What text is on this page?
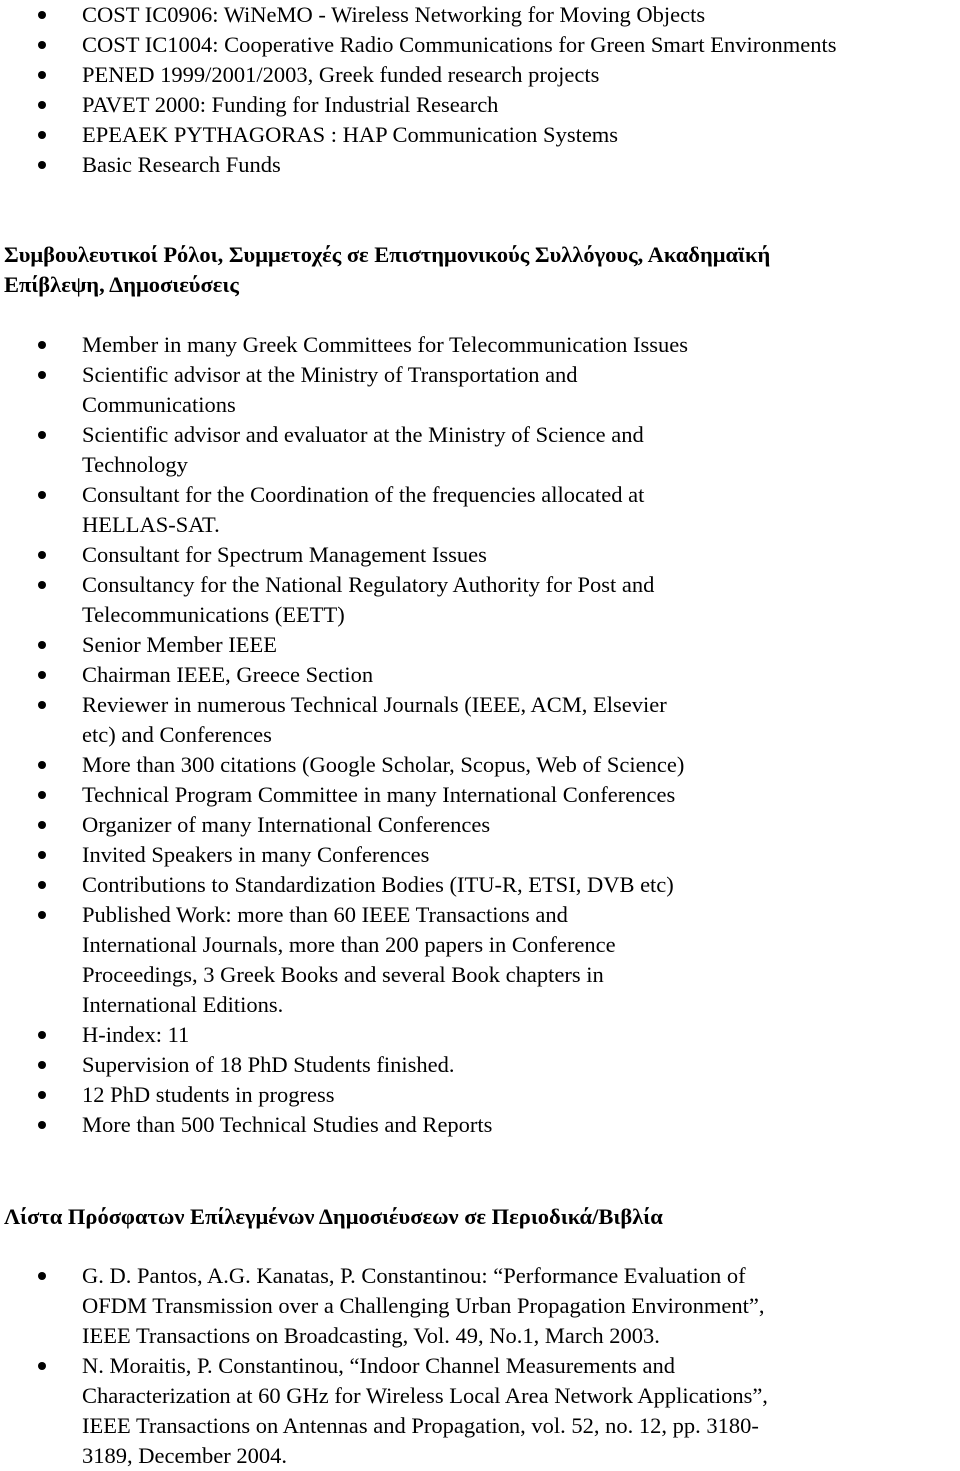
COST IC0906: WiNeMO - Wireless Networking for Moving Objects
COST IC1004: Cooperative Radio Communications for Green Smart Environments
PENED 1999/2001/2003, Greek funded research projects
PAVET 2000: Funding for Industrial Research
EPEAEK PYTHAGORAS : HAP Communication Systems
Basic Research Funds
Συμβουλευτικοί Ρόλοι, Συμμετοχές σε Επιστημονικούς Συλλόγους, Ακαδημαϊκή
Επίβλεψη, Δημοσιεύσεις
Member in many Greek Committees for Telecommunication Issues
Scientific advisor at the Ministry of Transportation and
Communications
Scientific advisor and evaluator at the Ministry of Science and
Technology
Consultant for the Coordination of the frequencies allocated at
HELLAS-SAT.
Consultant for Spectrum Management Issues
Consultancy for the National Regulatory Authority for Post and
Telecommunications (EETT)
Senior Member IEEE
Chairman IEEE, Greece Section
Reviewer in numerous Technical Journals (IEEE, ACM, Elsevier
etc) and Conferences
More than 300 citations (Google Scholar, Scopus, Web of Science)
Technical Program Committee in many International Conferences
Organizer of many International Conferences
Invited Speakers in many Conferences
Contributions to Standardization Bodies (ITU-R, ETSI, DVB etc)
Published Work: more than 60 IEEE Transactions and
International Journals, more than 200 papers in Conference
Proceedings, 3 Greek Books and several Book chapters in
International Editions.
H-index: 11
Supervision of 18 PhD Students finished.
12 PhD students in progress
More than 500 Technical Studies and Reports
Λίστα Πρόσφατων Επίλεγμένων Δημοσιέυσεων σε Περιοδικά/Βιβλία
G. D. Pantos, A.G. Kanatas, P. Constantinou: “Performance Evaluation of
OFDM Transmission over a Challenging Urban Propagation Environment”,
IEEE Transactions on Broadcasting, Vol. 49, No.1, March 2003.
N. Moraitis, P. Constantinou, “Indoor Channel Measurements and
Characterization at 60 GHz for Wireless Local Area Network Applications”,
IEEE Transactions on Antennas and Propagation, vol. 52, no. 12, pp. 3180-
3189, December 2004.
